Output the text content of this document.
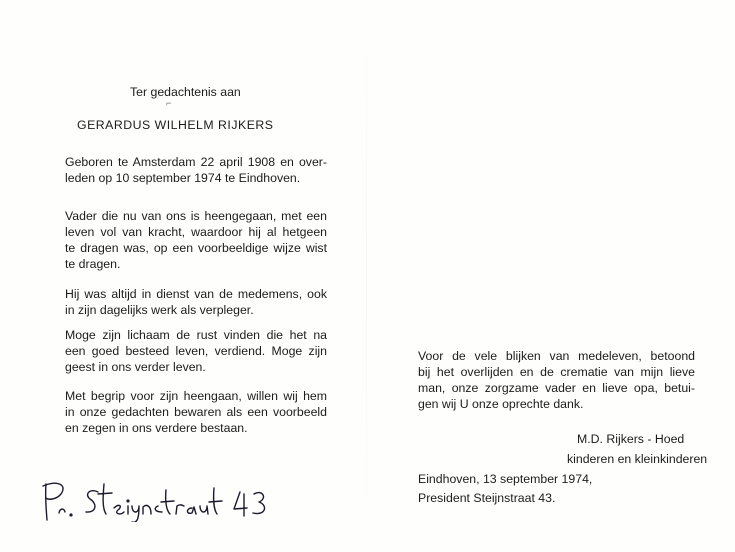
Ter gedachtenis aan

⌐

GERARDUS WILHELM RIJKERS

Geboren te Amsterdam 22 april 1908 en over-
leden op 10 september 1974 te Eindhoven.
Vader die nu van ons is heengegaan, met een
leven vol van kracht, waardoor hij al hetgeen
te dragen was, op een voorbeeldige wijze wist
te dragen.
Hij was altijd in dienst van de medemens, ook
in zijn dagelijks werk als verpleger.
Moge zijn lichaam de rust vinden die het na
een goed besteed leven, verdiend. Moge zijn
geest in ons verder leven.
Met begrip voor zijn heengaan, willen wij hem
in onze gedachten bewaren als een voorbeeld
en zegen in ons verdere bestaan.
Voor de vele blijken van medeleven, betoond
bij het overlijden en de crematie van mijn lieve
man, onze zorgzame vader en lieve opa, betui-
gen wij U onze oprechte dank.

M.D. Rijkers - Hoed

kinderen en kleinkinderen

Eindhoven, 13 september 1974,

President Steijnstraat 43.
